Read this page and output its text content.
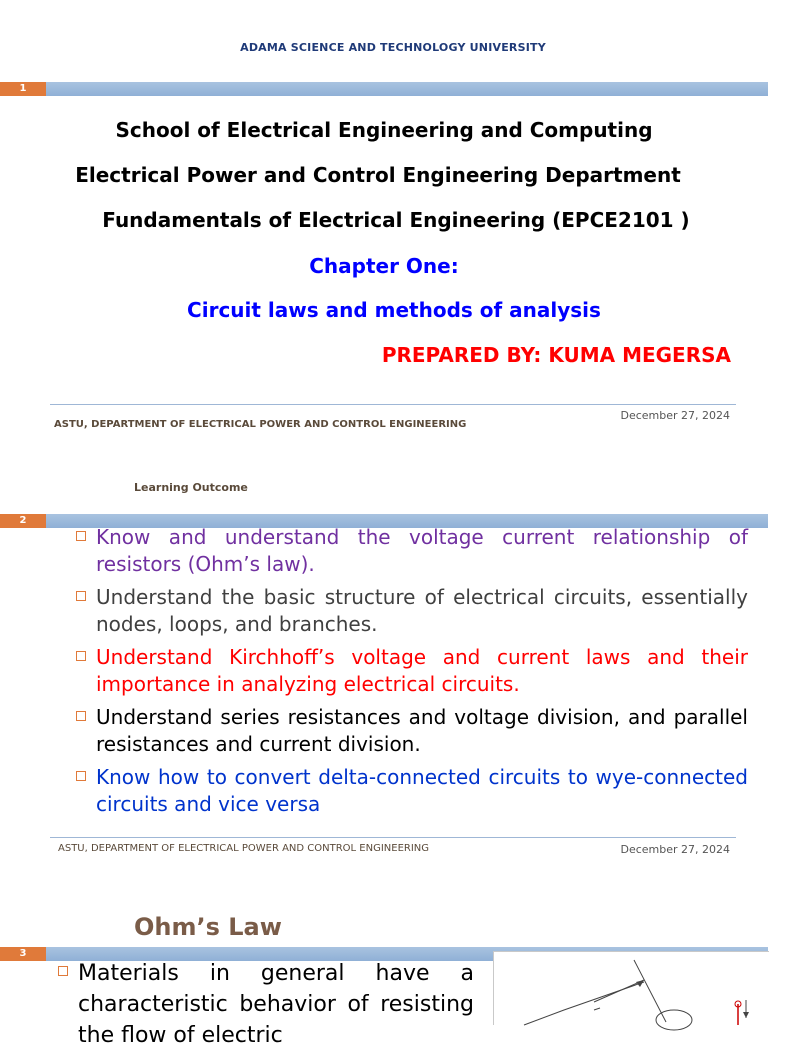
ADAMA SCIENCE AND TECHNOLOGY UNIVERSITY
1
School of Electrical Engineering and Computing
Electrical Power and Control Engineering Department
Fundamentals of Electrical Engineering (EPCE2101 )
Chapter One:
Circuit laws and methods of analysis
PREPARED BY: KUMA MEGERSA
ASTU, DEPARTMENT OF ELECTRICAL POWER AND CONTROL ENGINEERING
December 27, 2024
Learning Outcome
2
Know and understand the voltage current relationship of resistors (Ohm’s law).
Understand the basic structure of electrical circuits, essentially nodes, loops, and branches.
Understand Kirchhoff’s voltage and current laws and their importance in analyzing electrical circuits.
Understand series resistances and voltage division, and parallel resistances and current division.
Know how to convert delta-connected circuits to wye-connected circuits and vice versa
ASTU, DEPARTMENT OF ELECTRICAL POWER AND CONTROL ENGINEERING	December 27, 2024
Ohm’s Law
3
Materials in general have a characteristic behavior of resisting the flow of electric
